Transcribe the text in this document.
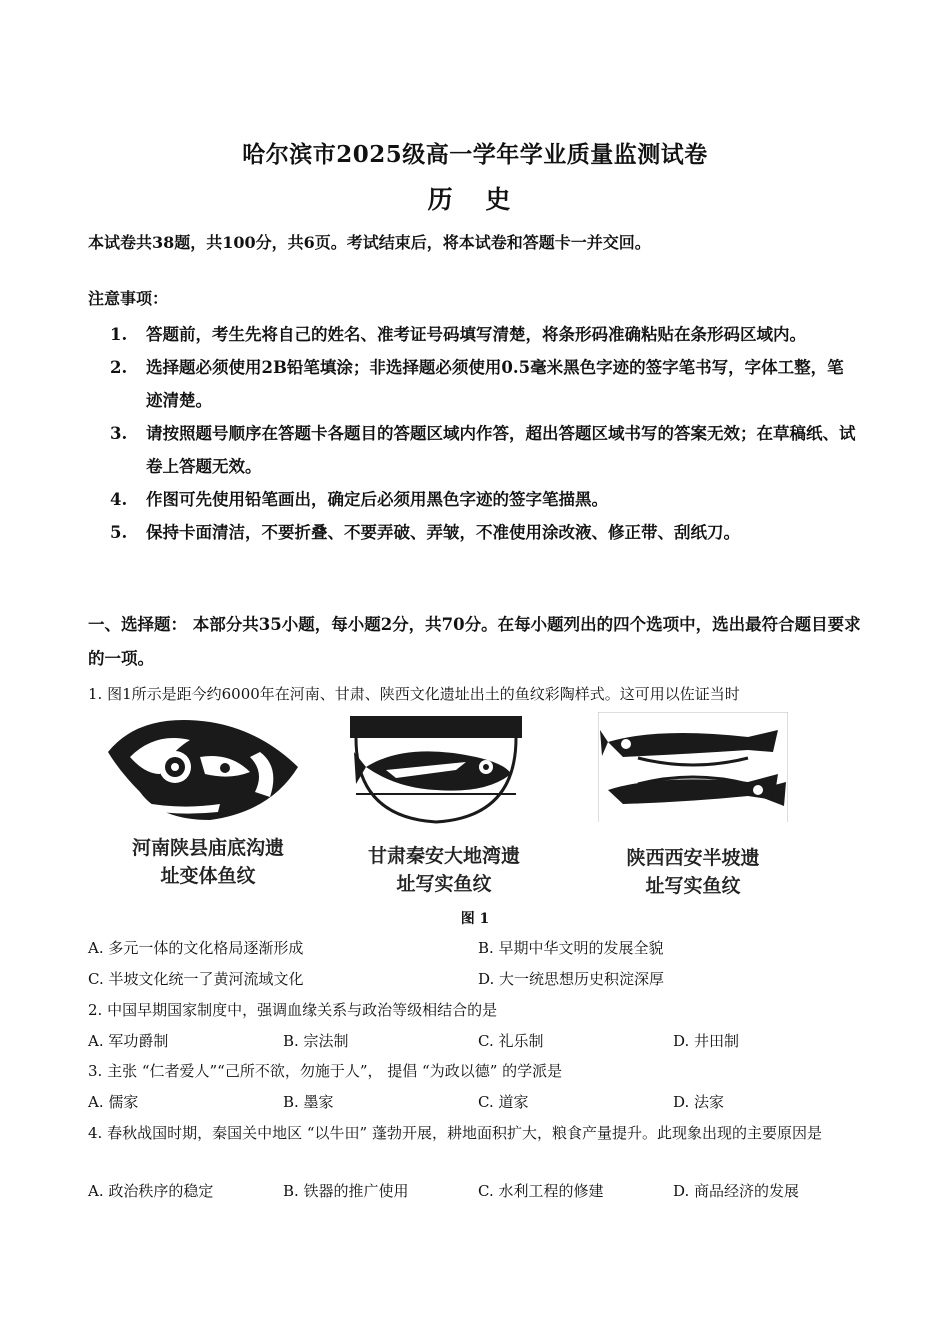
哈尔滨市2025级高一学年学业质量监测试卷
历 史
本试卷共38题，共100分，共6页。考试结束后，将本试卷和答题卡一并交回。
注意事项：
1.	答题前，考生先将自己的姓名、准考证号码填写清楚，将条形码准确粘贴在条形码区域内。
2.	选择题必须使用2B铅笔填涂；非选择题必须使用0.5毫米黑色字迹的签字笔书写，字体工整，笔迹清楚。
3.	请按照题号顺序在答题卡各题目的答题区域内作答，超出答题区域书写的答案无效；在草稿纸、试卷上答题无效。
4.	作图可先使用铅笔画出，确定后必须用黑色字迹的签字笔描黑。
5.	保持卡面清洁，不要折叠、不要弄破、弄皱，不准使用涂改液、修正带、刮纸刀。
一、选择题： 本部分共35小题，每小题2分，共70分。在每小题列出的四个选项中，选出最符合题目要求的一项。
1. 图1所示是距今约6000年在河南、甘肃、陕西文化遗址出土的鱼纹彩陶样式。这可用以佐证当时
河南陕县庙底沟遗
址变体鱼纹
甘肃秦安大地湾遗
址写实鱼纹
陕西西安半坡遗
址写实鱼纹
图 1
A. 多元一体的文化格局逐渐形成	B. 早期中华文明的发展全貌
C. 半坡文化统一了黄河流域文化	D. 大一统思想历史积淀深厚
2. 中国早期国家制度中，强调血缘关系与政治等级相结合的是
A. 军功爵制	B. 宗法制	C. 礼乐制	D. 井田制
3. 主张 “仁者爱人”“己所不欲，勿施于人”， 提倡 “为政以德” 的学派是
A. 儒家	B. 墨家	C. 道家	D. 法家
4. 春秋战国时期，秦国关中地区 “以牛田” 蓬勃开展，耕地面积扩大，粮食产量提升。此现象出现的主要原因是
A. 政治秩序的稳定	B. 铁器的推广使用	C. 水利工程的修建	D. 商品经济的发展
